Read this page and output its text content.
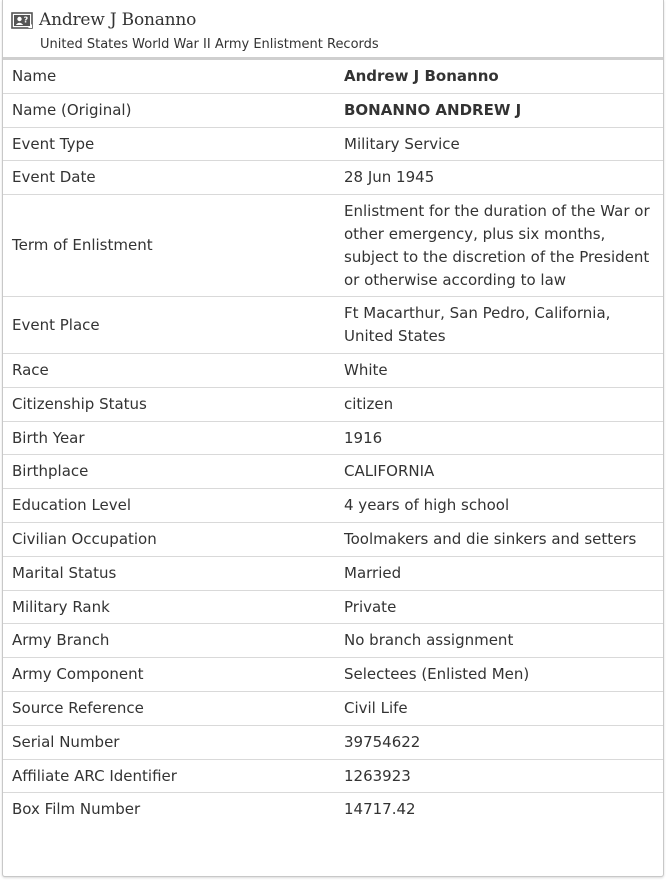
? Andrew J Bonanno
United States World War II Army Enlistment Records
Name	Andrew J Bonanno
Name (Original)	BONANNO ANDREW J
Event Type	Military Service
Event Date	28 Jun 1945
Term of Enlistment	Enlistment for the duration of the War or other emergency, plus six months, subject to the discretion of the President or otherwise according to law
Event Place	Ft Macarthur, San Pedro, California, United States
Race	White
Citizenship Status	citizen
Birth Year	1916
Birthplace	CALIFORNIA
Education Level	4 years of high school
Civilian Occupation	Toolmakers and die sinkers and setters
Marital Status	Married
Military Rank	Private
Army Branch	No branch assignment
Army Component	Selectees (Enlisted Men)
Source Reference	Civil Life
Serial Number	39754622
Affiliate ARC Identifier	1263923
Box Film Number	14717.42
